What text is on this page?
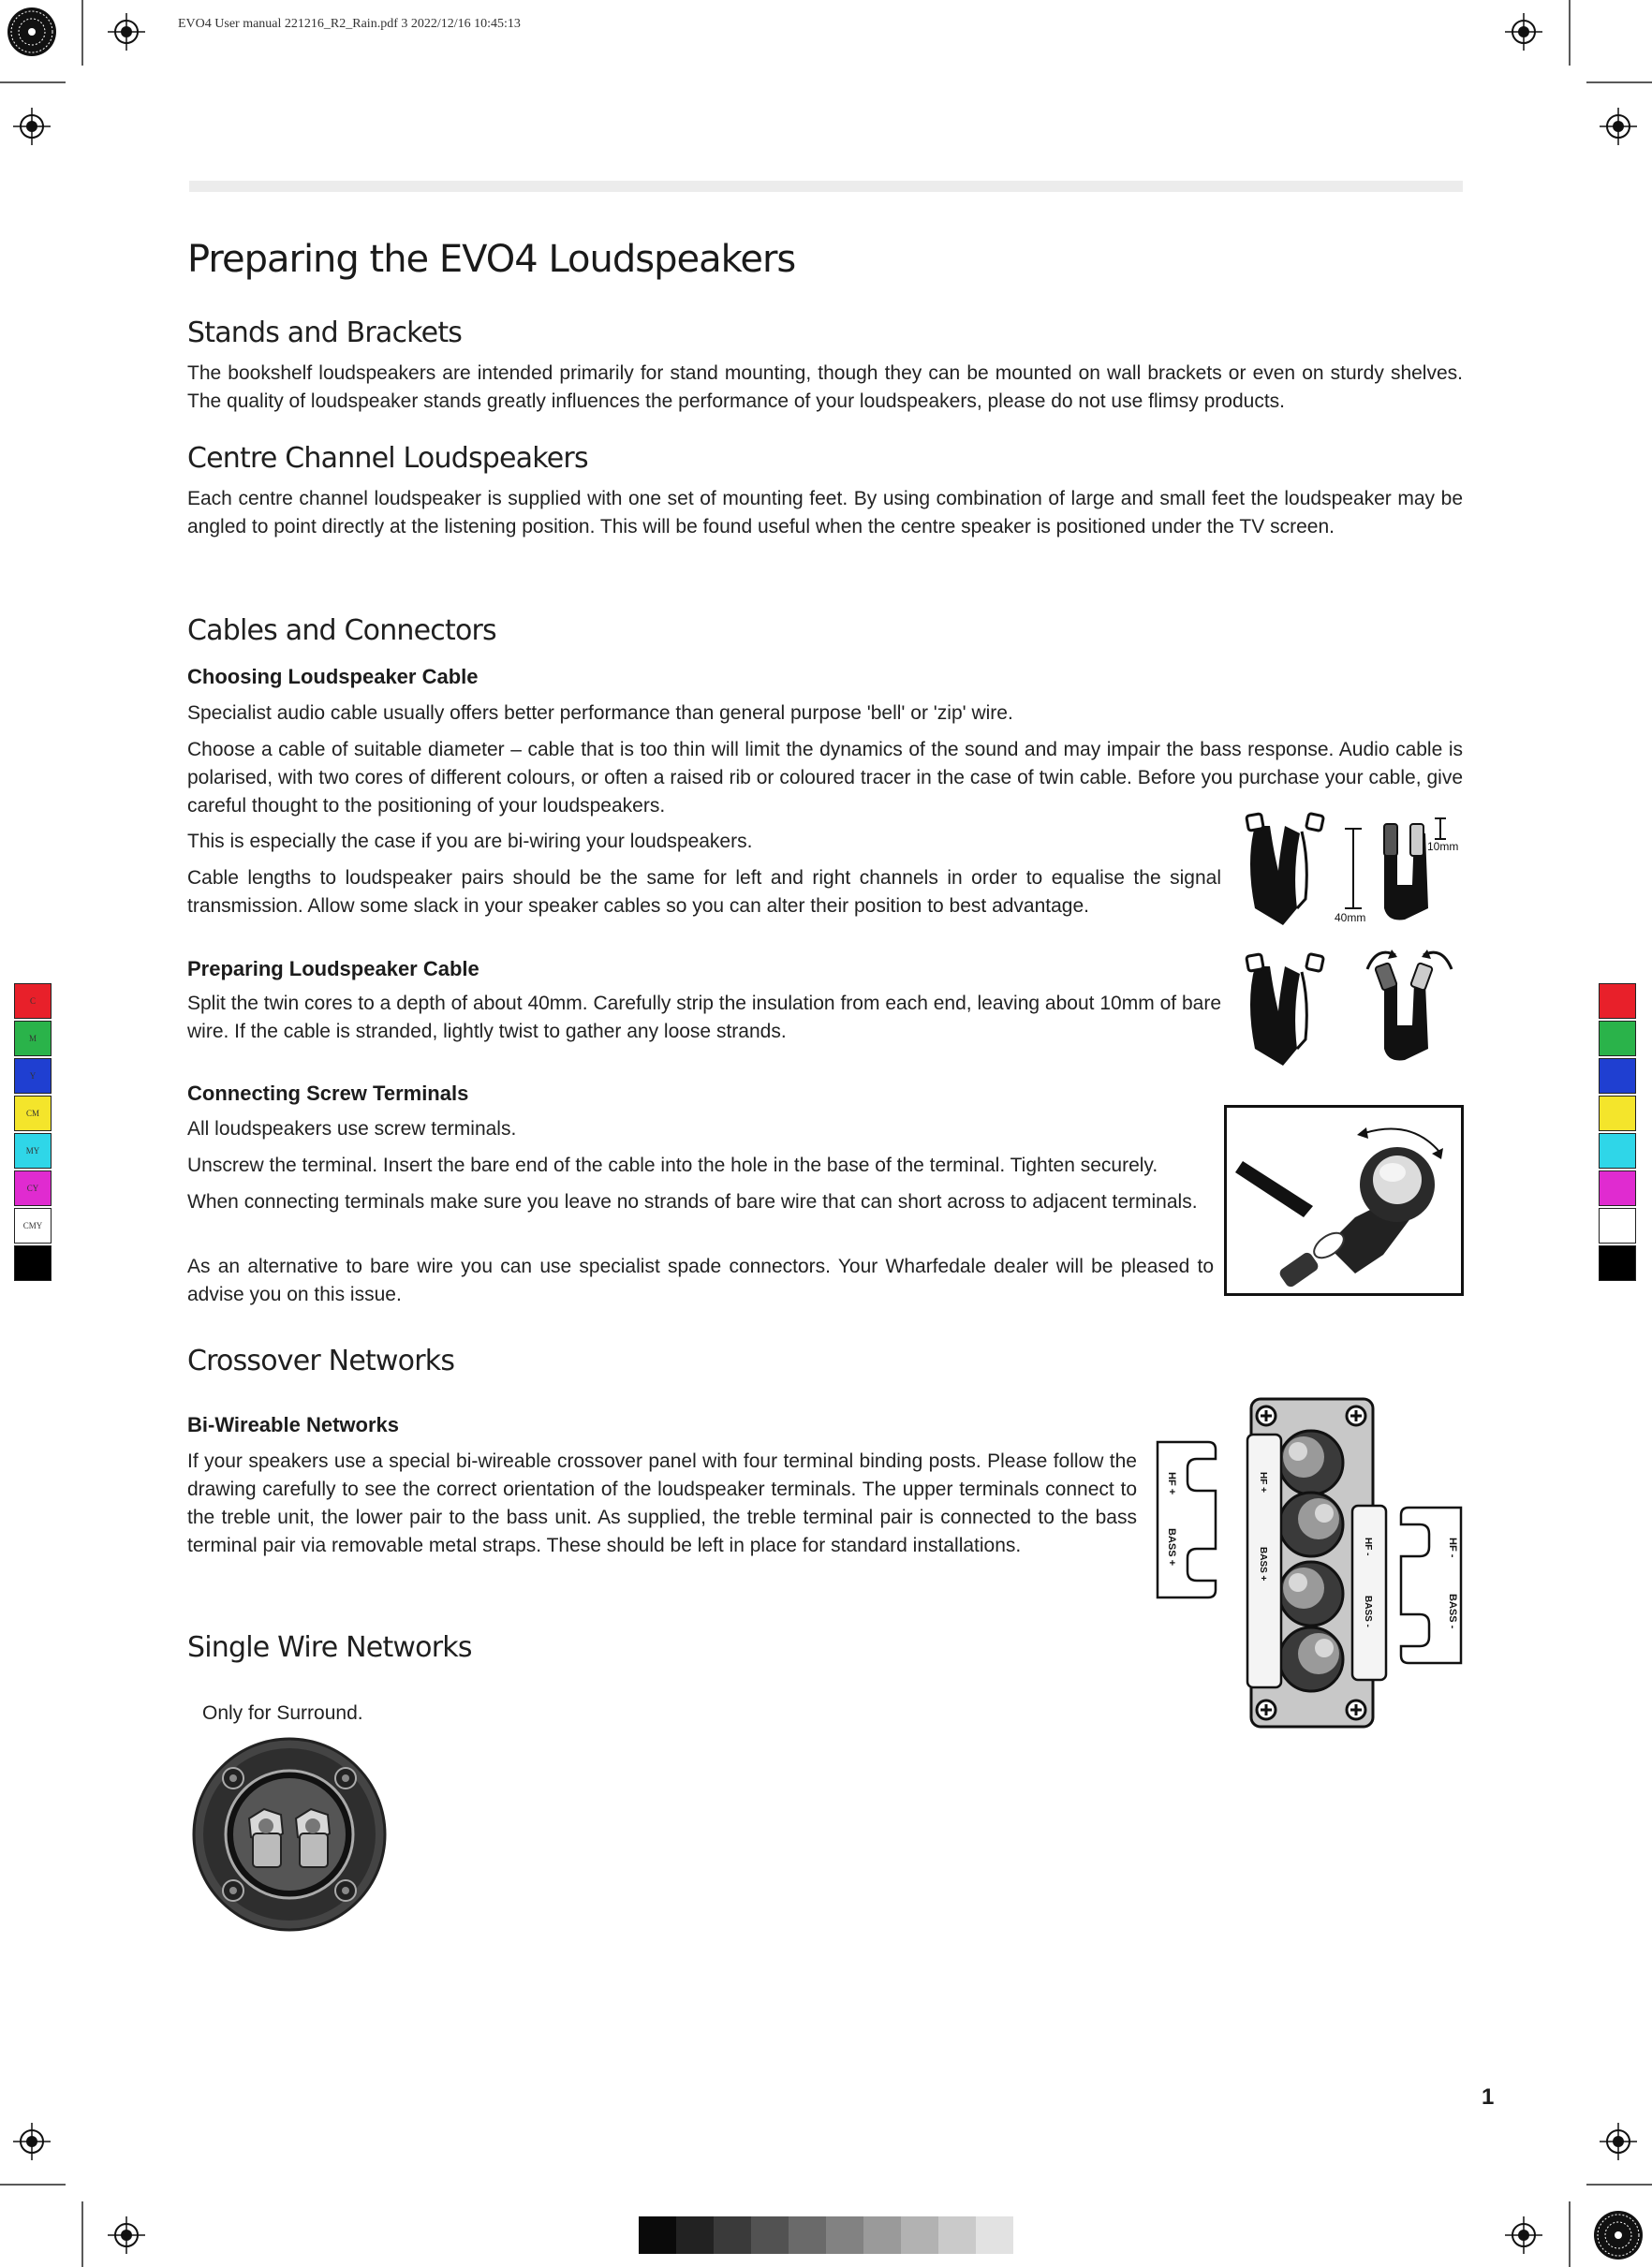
EVO4 User manual 221216_R2_Rain.pdf 3 2022/12/16 10:45:13
C
M
Y
CM
MY
CY
CMY
Preparing the EVO4 Loudspeakers
Stands and Brackets

The bookshelf loudspeakers are intended primarily for stand mounting, though they can be mounted on wall brackets or even on sturdy shelves. The quality of loudspeaker stands greatly influences the performance of your loudspeakers, please do not use flimsy products.

Centre Channel Loudspeakers

Each centre channel loudspeaker is supplied with one set of mounting feet. By using combination of large and small feet the loudspeaker may be angled to point directly at the listening position. This will be found useful when the centre speaker is positioned under the TV screen.

Cables and Connectors
Choosing Loudspeaker Cable

Specialist audio cable usually offers better performance than general purpose 'bell' or 'zip' wire.

Choose a cable of suitable diameter – cable that is too thin will limit the dynamics of the sound and may impair the bass response. Audio cable is polarised, with two cores of different colours, or often a raised rib or coloured tracer in the case of twin cable. Before you purchase your cable, give careful thought to the positioning of your loudspeakers.

This is especially the case if you are bi-wiring your loudspeakers.

Cable lengths to loudspeaker pairs should be the same for left and right channels in order to equalise the signal transmission. Allow some slack in your speaker cables so you can alter their position to best advantage.

40mm
10mm
Preparing Loudspeaker Cable

Split the twin cores to a depth of about 40mm. Carefully strip the insulation from each end, leaving about 10mm of bare wire. If the cable is stranded, lightly twist to gather any loose strands.

Connecting Screw Terminals

All loudspeakers use screw terminals.

Unscrew the terminal. Insert the bare end of the cable into the hole in the base of the terminal. Tighten securely.

When connecting terminals make sure you leave no strands of bare wire that can short across to adjacent terminals.

As an alternative to bare wire you can use specialist spade connectors. Your Wharfedale dealer will be pleased to advise you on this issue.

Crossover Networks
Bi-Wireable Networks

If your speakers use a special bi-wireable crossover panel with four terminal binding posts. Please follow the drawing carefully to see the correct orientation of the loudspeaker terminals. The upper terminals connect to the treble unit, the lower pair to the bass unit. As supplied, the treble terminal pair is connected to the bass terminal pair via removable metal straps. These should be left in place for standard installations.

HF +
BASS +
HF -
BASS -
HF +
BASS +	HF -
BASS -
Single Wire Networks

Only for Surround.

1
